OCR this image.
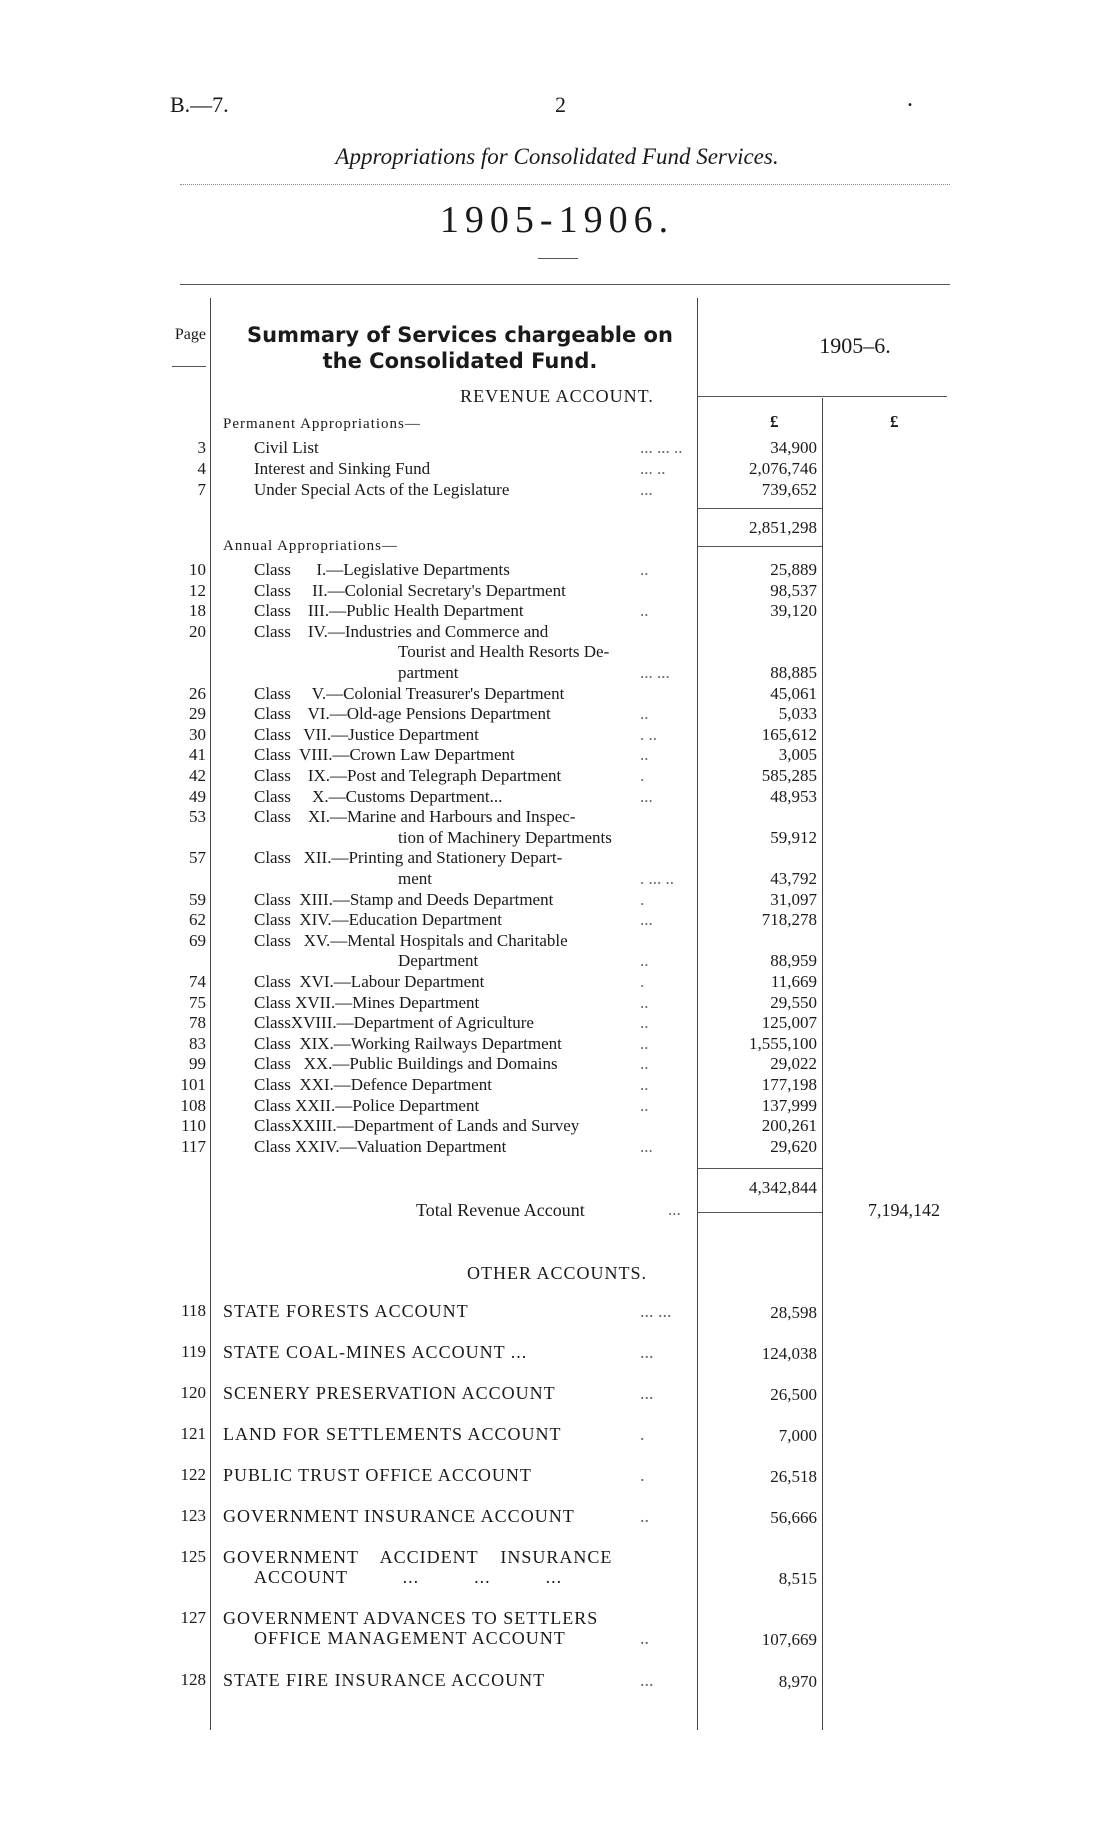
B.—7.	2	.
Appropriations for Consolidated Fund Services.
1905-1906.
Page	Summary of Services chargeable on the Consolidated Fund.
1905–6.
REVENUE ACCOUNT.
£	£
Permanent Appropriations—
3	Civil List	... ... ..	34,900
4	Interest and Sinking Fund	... ..	2,076,746
7	Under Special Acts of the Legislature	...	739,652
2,851,298
Annual Appropriations—
10	Class      I.—Legislative Departments	..	25,889
12	Class     II.—Colonial Secretary's Department	98,537
18	Class    III.—Public Health Department	..	39,120
20	Class    IV.—Industries and Commerce and
Tourist and Health Resorts De-
partment	... ...	88,885
26	Class     V.—Colonial Treasurer's Department	45,061
29	Class    VI.—Old-age Pensions Department	..	5,033
30	Class   VII.—Justice Department	. ..	165,612
41	Class  VIII.—Crown Law Department	..	3,005
42	Class    IX.—Post and Telegraph Department	.	585,285
49	Class     X.—Customs Department...	...	48,953
53	Class    XI.—Marine and Harbours and Inspec-
tion of Machinery Departments	59,912
57	Class   XII.—Printing and Stationery Depart-
ment	. ... ..	43,792
59	Class  XIII.—Stamp and Deeds Department	.	31,097
62	Class  XIV.—Education Department	...	718,278
69	Class   XV.—Mental Hospitals and Charitable
Department	..	88,959
74	Class  XVI.—Labour Department	.	11,669
75	Class XVII.—Mines Department	..	29,550
78	ClassXVIII.—Department of Agriculture	..	125,007
83	Class  XIX.—Working Railways Department	..	1,555,100
99	Class   XX.—Public Buildings and Domains	..	29,022
101	Class  XXI.—Defence Department	..	177,198
108	Class XXII.—Police Department	..	137,999
110	ClassXXIII.—Department of Lands and Survey	200,261
117	Class XXIV.—Valuation Department	...	29,620
4,342,844
Total Revenue Account	...	7,194,142
OTHER ACCOUNTS.
118 STATE FORESTS ACCOUNT	... ...	28,598
119 STATE COAL-MINES ACCOUNT ...	...	124,038
120 SCENERY PRESERVATION ACCOUNT	...	26,500
121 LAND FOR SETTLEMENTS ACCOUNT	.	7,000
122 PUBLIC TRUST OFFICE ACCOUNT	.	26,518
123 GOVERNMENT INSURANCE ACCOUNT	..	56,666
125 GOVERNMENT    ACCIDENT    INSURANCE
ACCOUNT          ...          ...          ...	8,515
127 GOVERNMENT ADVANCES TO SETTLERS
OFFICE MANAGEMENT ACCOUNT	..	107,669
128 STATE FIRE INSURANCE ACCOUNT	...	8,970
